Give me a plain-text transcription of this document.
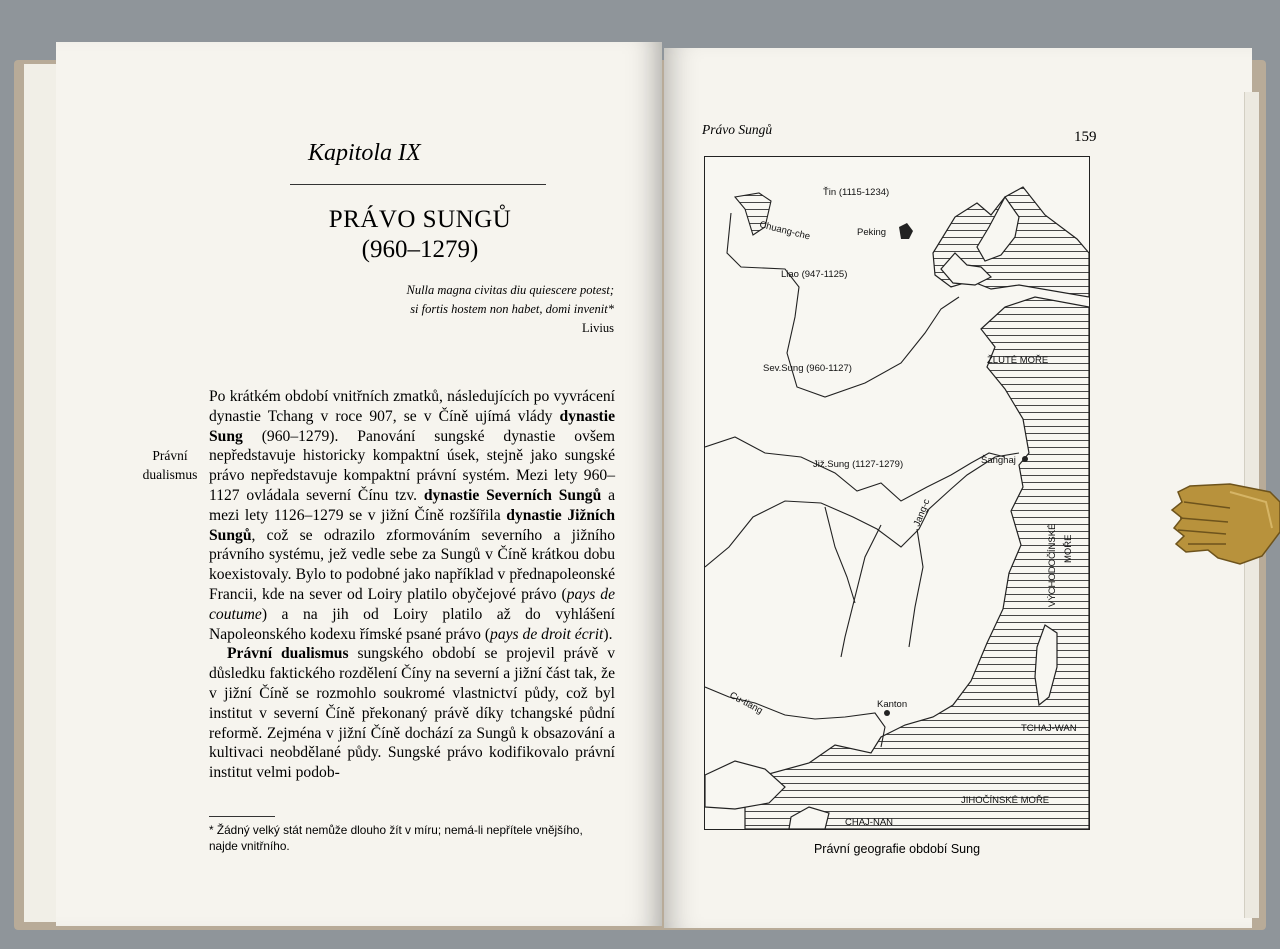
Kapitola IX
PRÁVO SUNGŮ
(960–1279)
Nulla magna civitas diu quiescere potest;
si fortis hostem non habet, domi invenit*
Livius
Právní
dualismus

Po krátkém období vnitřních zmatků, následujících po vyvrácení dynastie Tchang v roce 907, se v Číně ujímá vlády dynastie Sung (960–1279). Panování sungské dynastie ovšem nepředstavuje historicky kompaktní úsek, stejně jako sungské právo nepředstavuje kompaktní právní systém. Mezi lety 960–1127 ovládala severní Čínu tzv. dynastie Severních Sungů a mezi lety 1126–1279 se v jižní Číně rozšířila dynastie Jižních Sungů, což se odrazilo zformováním severního a jižního právního systému, jež vedle sebe za Sungů v Číně krátkou dobu koexistovaly. Bylo to podobné jako například v přednapoleonské Francii, kde na sever od Loiry platilo obyčejové právo (pays de coutume) a na jih od Loiry platilo až do vyhlášení Napoleonského kodexu římské psané právo (pays de droit écrit).

Právní dualismus sungského období se projevil právě v důsledku faktického rozdělení Číny na severní a jižní část tak, že v jižní Číně se rozmohlo soukromé vlastnictví půdy, což byl institut v severní Číně překonaný právě díky tchangské půdní reformě. Zejména v jižní Číně dochází za Sungů k obsazování a kultivaci neobdělané půdy. Sungské právo kodifikovalo právní institut velmi podob-

* Žádný velký stát nemůže dlouho žít v míru; nemá-li nepřítele vnějšího,
najde vnitřního.
Právo Sungů	159
Ťin (1115-1234)
Peking
Chuang-che
Liao (947-1125)
Sev.Sung (960-1127)
ŽLUTÉ MOŘE
Šanghaj
Již.Sung (1127-1279)
Jang-c
VÝCHODOČÍNSKÉ MOŘE
Cu-tiang	Kanton
TCHAJ-WAN
JIHOČÍNSKÉ MOŘE
CHAJ-NAN
Právní geografie období Sung
